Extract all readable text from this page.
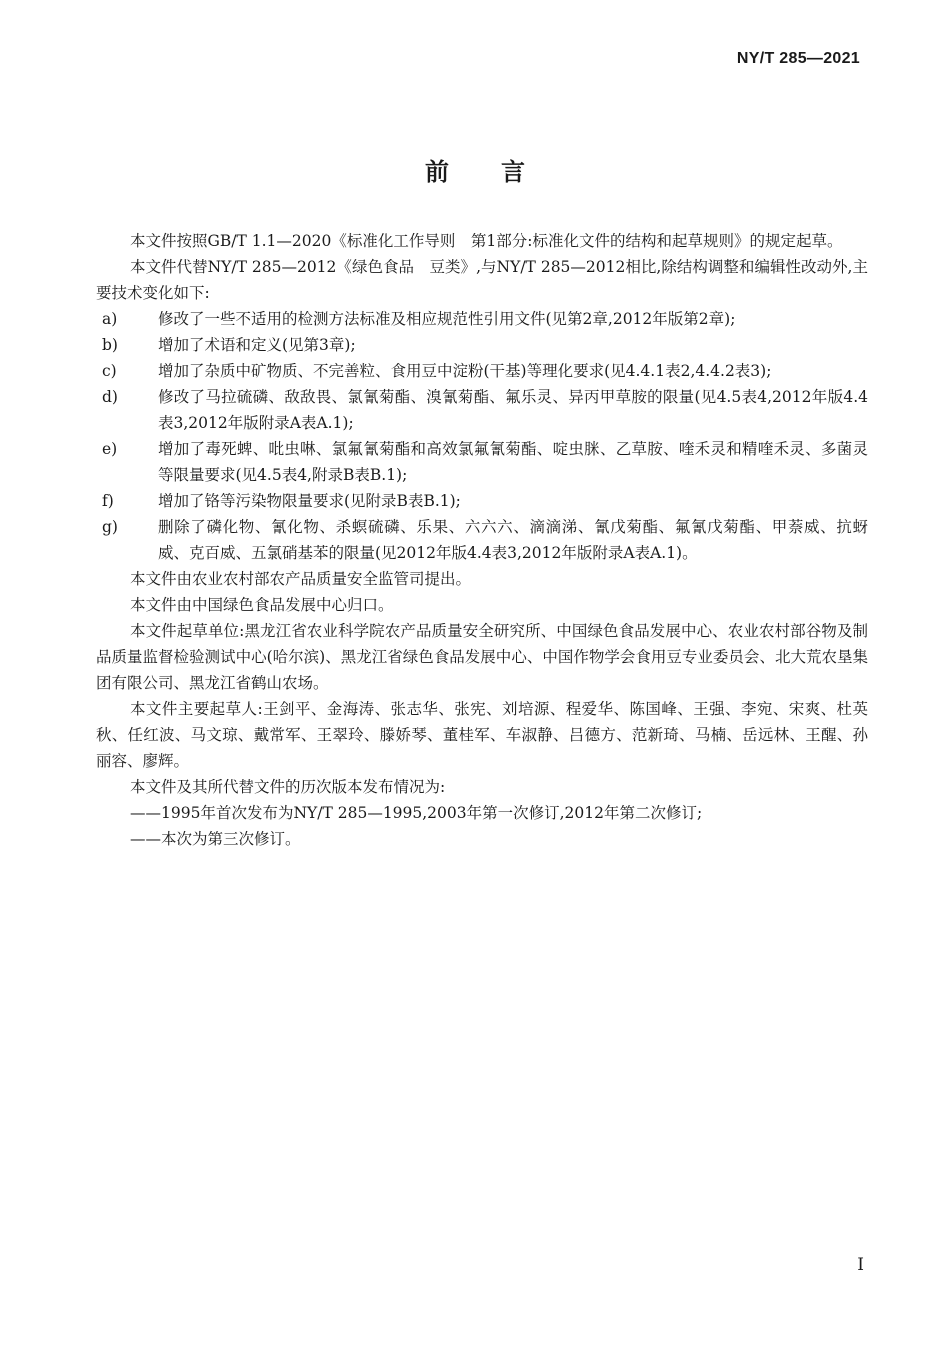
NY/T 285—2021
前 言

本文件按照GB/T 1.1—2020《标准化工作导则　第1部分:标准化文件的结构和起草规则》的规定起草。

本文件代替NY/T 285—2012《绿色食品　豆类》,与NY/T 285—2012相比,除结构调整和编辑性改动外,主要技术变化如下:

a)	修改了一些不适用的检测方法标准及相应规范性引用文件(见第2章,2012年版第2章);
b)	增加了术语和定义(见第3章);
c)	增加了杂质中矿物质、不完善粒、食用豆中淀粉(干基)等理化要求(见4.4.1表2,4.4.2表3);
d)	修改了马拉硫磷、敌敌畏、氯氰菊酯、溴氰菊酯、氟乐灵、异丙甲草胺的限量(见4.5表4,2012年版4.4表3,2012年版附录A表A.1);
e)	增加了毒死蜱、吡虫啉、氯氟氰菊酯和高效氯氟氰菊酯、啶虫脒、乙草胺、喹禾灵和精喹禾灵、多菌灵等限量要求(见4.5表4,附录B表B.1);
f)	增加了铬等污染物限量要求(见附录B表B.1);
g)	删除了磷化物、氰化物、杀螟硫磷、乐果、六六六、滴滴涕、氰戊菊酯、氟氰戊菊酯、甲萘威、抗蚜威、克百威、五氯硝基苯的限量(见2012年版4.4表3,2012年版附录A表A.1)。

本文件由农业农村部农产品质量安全监管司提出。

本文件由中国绿色食品发展中心归口。

本文件起草单位:黑龙江省农业科学院农产品质量安全研究所、中国绿色食品发展中心、农业农村部谷物及制品质量监督检验测试中心(哈尔滨)、黑龙江省绿色食品发展中心、中国作物学会食用豆专业委员会、北大荒农垦集团有限公司、黑龙江省鹤山农场。

本文件主要起草人:王剑平、金海涛、张志华、张宪、刘培源、程爱华、陈国峰、王强、李宛、宋爽、杜英秋、任红波、马文琼、戴常军、王翠玲、滕娇琴、董桂军、车淑静、吕德方、范新琦、马楠、岳远林、王醒、孙丽容、廖辉。

本文件及其所代替文件的历次版本发布情况为:

——1995年首次发布为NY/T 285—1995,2003年第一次修订,2012年第二次修订;

——本次为第三次修订。

I
